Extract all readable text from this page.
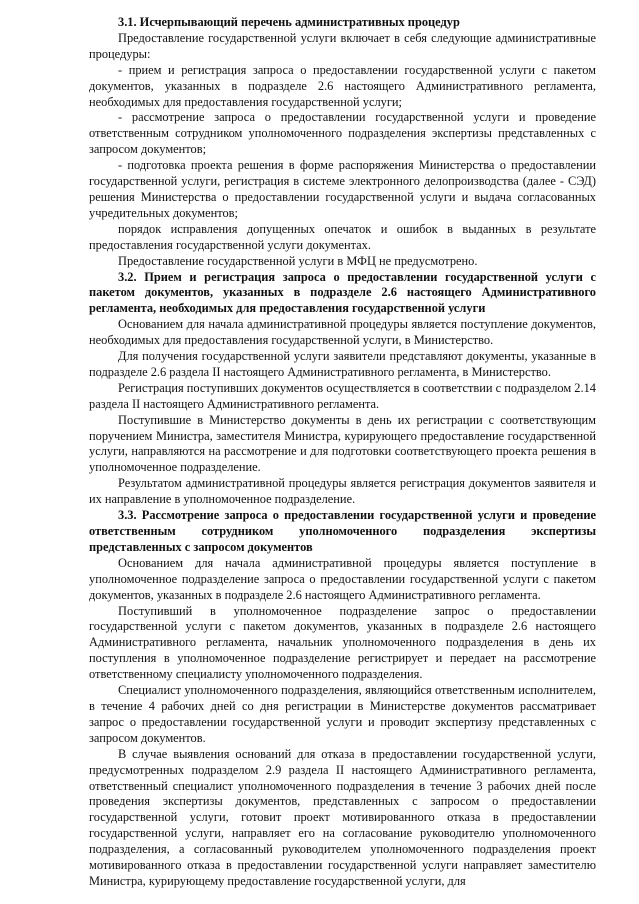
3.1. Исчерпывающий перечень административных процедур

Предоставление государственной услуги включает в себя следующие административные процедуры:

- прием и регистрация запроса о предоставлении государственной услуги с пакетом документов, указанных в подразделе 2.6 настоящего Административного регламента, необходимых для предоставления государственной услуги;

- рассмотрение запроса о предоставлении государственной услуги и проведение ответственным сотрудником уполномоченного подразделения экспертизы представленных с запросом документов;

- подготовка проекта решения в форме распоряжения Министерства о предоставлении государственной услуги, регистрация в системе электронного делопроизводства (далее - СЭД) решения Министерства о предоставлении государственной услуги и выдача согласованных учредительных документов;

порядок исправления допущенных опечаток и ошибок в выданных в результате предоставления государственной услуги документах.

Предоставление государственной услуги в МФЦ не предусмотрено.

3.2. Прием и регистрация запроса о предоставлении государственной услуги с пакетом документов, указанных в подразделе 2.6 настоящего Административного регламента, необходимых для предоставления государственной услуги

Основанием для начала административной процедуры является поступление документов, необходимых для предоставления государственной услуги, в Министерство.

Для получения государственной услуги заявители представляют документы, указанные в подразделе 2.6 раздела II настоящего Административного регламента, в Министерство.

Регистрация поступивших документов осуществляется в соответствии с подразделом 2.14 раздела II настоящего Административного регламента.

Поступившие в Министерство документы в день их регистрации с соответствующим поручением Министра, заместителя Министра, курирующего предоставление государственной услуги, направляются на рассмотрение и для подготовки соответствующего проекта решения в уполномоченное подразделение.

Результатом административной процедуры является регистрация документов заявителя и их направление в уполномоченное подразделение.

3.3. Рассмотрение запроса о предоставлении государственной услуги и проведение ответственным сотрудником уполномоченного подразделения экспертизы представленных с запросом документов

Основанием для начала административной процедуры является поступление в уполномоченное подразделение запроса о предоставлении государственной услуги с пакетом документов, указанных в подразделе 2.6 настоящего Административного регламента.

Поступивший в уполномоченное подразделение запрос о предоставлении государственной услуги с пакетом документов, указанных в подразделе 2.6 настоящего Административного регламента, начальник уполномоченного подразделения в день их поступления в уполномоченное подразделение регистрирует и передает на рассмотрение ответственному специалисту уполномоченного подразделения.

Специалист уполномоченного подразделения, являющийся ответственным исполнителем, в течение 4 рабочих дней со дня регистрации в Министерстве документов рассматривает запрос о предоставлении государственной услуги и проводит экспертизу представленных с запросом документов.

В случае выявления оснований для отказа в предоставлении государственной услуги, предусмотренных подразделом 2.9 раздела II настоящего Административного регламента, ответственный специалист уполномоченного подразделения в течение 3 рабочих дней после проведения экспертизы документов, представленных с запросом о предоставлении государственной услуги, готовит проект мотивированного отказа в предоставлении государственной услуги, направляет его на согласование руководителю уполномоченного подразделения, а согласованный руководителем уполномоченного подразделения проект мотивированного отказа в предоставлении государственной услуги направляет заместителю Министра, курирующему предоставление государственной услуги, для
